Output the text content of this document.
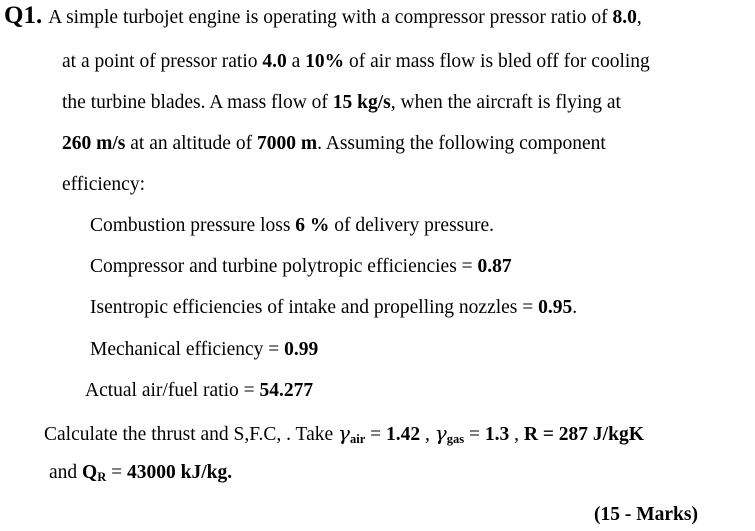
Q1. A simple turbojet engine is operating with a compressor pressor ratio of 8.0,
at a point of pressor ratio 4.0 a 10% of air mass flow is bled off for cooling
the turbine blades. A mass flow of 15 kg/s, when the aircraft is flying at
260 m/s at an altitude of 7000 m. Assuming the following component
efficiency:
Combustion pressure loss 6 % of delivery pressure.
Compressor and turbine polytropic efficiencies = 0.87
Isentropic efficiencies of intake and propelling nozzles = 0.95.
Mechanical efficiency = 0.99
Actual air/fuel ratio = 54.277
Calculate the thrust and S,F.C, . Take $\gamma_{air} = 1.42$ , $\gamma_{gas} = 1.3$ , R = 287 J/kgK
and $Q_R = 43000$ kJ/kg.
(15 - Marks)
